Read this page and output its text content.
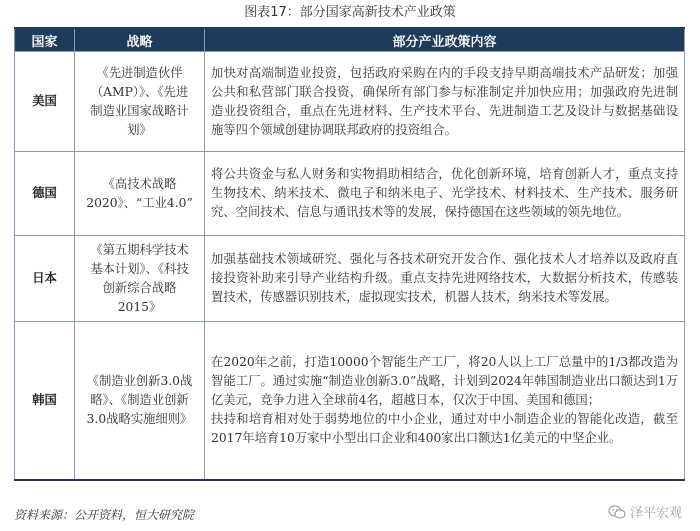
图表17：部分国家高新技术产业政策
国家	战略	部分产业政策内容
美国	《先进制造伙伴（AMP）》、《先进制造业国家战略计划》	加快对高端制造业投资，包括政府采购在内的手段支持早期高端技术产品研发；加强公共和私营部门联合投资，确保所有部门参与标准制定并加快应用；加强政府先进制造业投资组合，重点在先进材料、生产技术平台、先进制造工艺及设计与数据基础设施等四个领域创建协调联邦政府的投资组合。
德国	《高技术战略2020》、“工业4.0”	将公共资金与私人财务和实物捐助相结合，优化创新环境，培育创新人才，重点支持生物技术、纳米技术、微电子和纳米电子、光学技术、材料技术、生产技术、服务研究、空间技术、信息与通讯技术等的发展，保持德国在这些领域的领先地位。
日本	《第五期科学技术基本计划》、《科技创新综合战略2015》	加强基础技术领域研究、强化与各技术研究开发合作、强化技术人才培养以及政府直接投资补助来引导产业结构升级。重点支持先进网络技术，大数据分析技术，传感装置技术，传感器识别技术，虚拟现实技术，机器人技术，纳米技术等发展。
韩国	《制造业创新3.0战略》、《制造业创新3.0战略实施细则》	在2020年之前，打造10000个智能生产工厂，将20人以上工厂总量中的1/3都改造为智能工厂。通过实施“制造业创新3.0”战略，计划到2024年韩国制造业出口额达到1万亿美元，竞争力进入全球前4名，超越日本，仅次于中国、美国和德国；
扶持和培育相对处于弱势地位的中小企业，通过对中小制造企业的智能化改造，截至2017年培育10万家中小型出口企业和400家出口额达1亿美元的中坚企业。
资料来源：公开资料，恒大研究院	泽平宏观
